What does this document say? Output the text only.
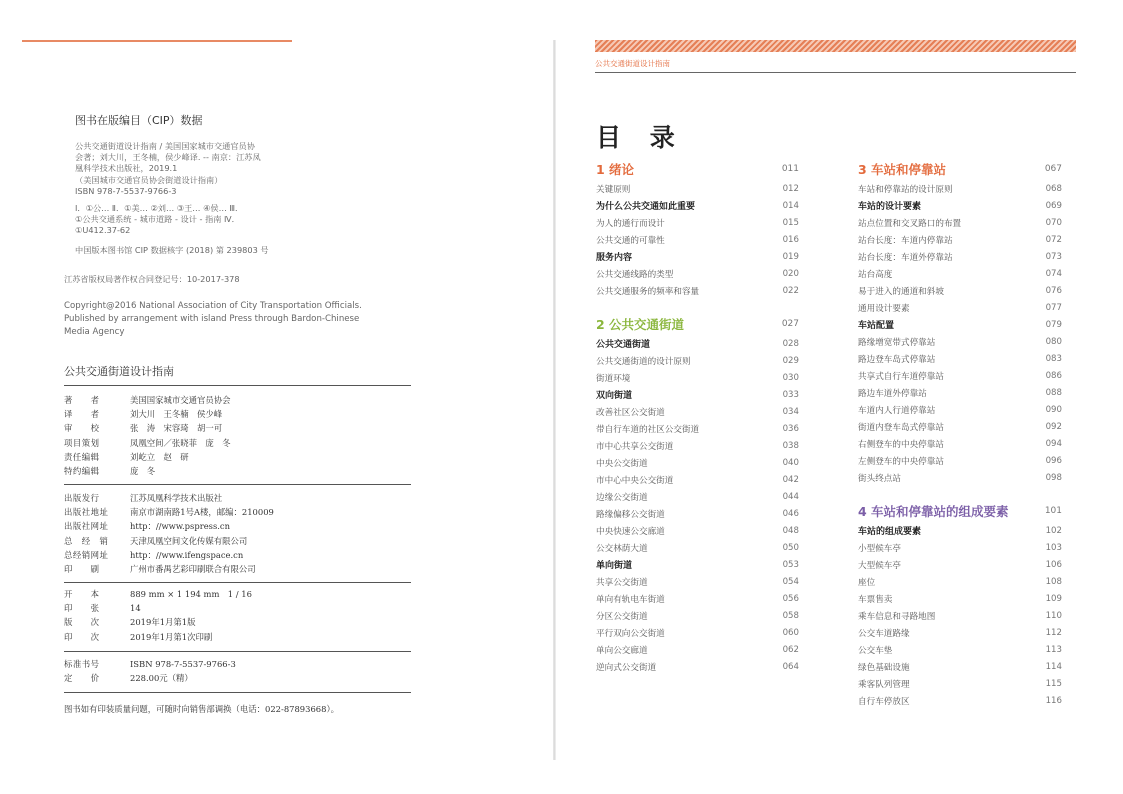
图书在版编目（CIP）数据
公共交通街道设计指南 / 美国国家城市交通官员协
会著；刘大川，王冬楠，侯少峰译. -- 南京：江苏凤
凰科学技术出版社，2019.1
（美国城市交通官员协会街道设计指南）
ISBN 978-7-5537-9766-3
Ⅰ．①公… Ⅱ．①美… ②刘… ③王… ④侯… Ⅲ．
①公共交通系统 - 城市道路 - 设计 - 指南 Ⅳ．
①U412.37-62
中国版本图书馆 CIP 数据核字 (2018) 第 239803 号
江苏省版权局著作权合同登记号：10-2017-378
Copyright@2016 National Association of City Transportation Officials.
Published by arrangement with island Press through Bardon-Chinese
Media Agency
公共交通街道设计指南
著　　者	美国国家城市交通官员协会
译　　者	刘大川　王冬楠　侯少峰
审　　校	张　涛　宋容琦　胡一可
项目策划	凤凰空间／张晓菲　庞　冬
责任编辑	刘屹立　赵　研
特约编辑	庞　冬
出版发行	江苏凤凰科学技术出版社
出版社地址	南京市湖南路1号A楼，邮编：210009
出版社网址	http：//www.pspress.cn
总　经　销	天津凤凰空间文化传媒有限公司
总经销网址	http：//www.ifengspace.cn
印　　刷	广州市番禺艺彩印刷联合有限公司
开　　本	889 mm × 1 194 mm　1 / 16
印　　张	14
版　　次	2019年1月第1版
印　　次	2019年1月第1次印刷
标准书号	ISBN 978-7-5537-9766-3
定　　价	228.00元（精）
图书如有印装质量问题，可随时向销售部调换（电话：022-87893668）。
公共交通街道设计指南
目 录
1 绪论	011
关键原则	012
为什么公共交通如此重要	014
为人的通行而设计	015
公共交通的可靠性	016
服务内容	019
公共交通线路的类型	020
公共交通服务的频率和容量	022
2 公共交通街道	027
公共交通街道	028
公共交通街道的设计原则	029
街道环境	030
双向街道	033
改善社区公交街道	034
带自行车道的社区公交街道	036
市中心共享公交街道	038
中央公交街道	040
市中心中央公交街道	042
边缘公交街道	044
路缘偏移公交街道	046
中央快速公交廊道	048
公交林荫大道	050
单向街道	053
共享公交街道	054
单向有轨电车街道	056
分区公交街道	058
平行双向公交街道	060
单向公交廊道	062
逆向式公交街道	064
3 车站和停靠站	067
车站和停靠站的设计原则	068
车站的设计要素	069
站点位置和交叉路口的布置	070
站台长度：车道内停靠站	072
站台长度：车道外停靠站	073
站台高度	074
易于进入的通道和斜坡	076
通用设计要素	077
车站配置	079
路缘增宽带式停靠站	080
路边登车岛式停靠站	083
共享式自行车道停靠站	086
路边车道外停靠站	088
车道内人行道停靠站	090
街道内登车岛式停靠站	092
右侧登车的中央停靠站	094
左侧登车的中央停靠站	096
街头终点站	098
4 车站和停靠站的组成要素	101
车站的组成要素	102
小型候车亭	103
大型候车亭	106
座位	108
车票售卖	109
乘车信息和寻路地图	110
公交车道路缘	112
公交车垫	113
绿色基础设施	114
乘客队列管理	115
自行车停放区	116
